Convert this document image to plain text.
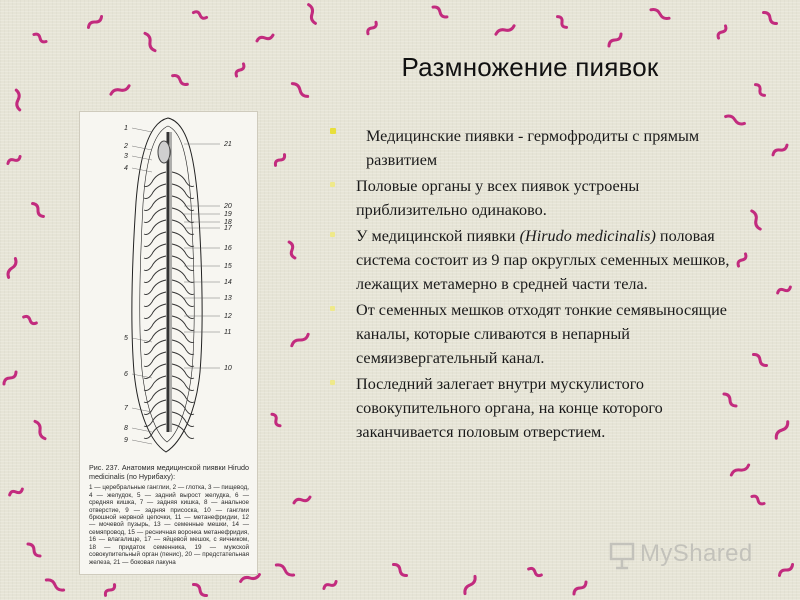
Размножение пиявок
1
2
3
4
5
6
7
8
9
21
20
19
18
17
16
15
14
13
12
11
10
Рис. 237. Анатомия медицинской пиявки Hirudo medicinalis (по Нурибаху):
1 — церебральные ганглии, 2 — глотка, 3 — пищевод, 4 — желудок, 5 — задний вырост желудка, 6 — средняя кишка, 7 — задняя кишка, 8 — анальное отверстие, 9 — задняя присоска, 10 — ганглии брюшной нервной цепочки, 11 — метанефридии, 12 — мочевой пузырь, 13 — семенные мешки, 14 — семяпровод, 15 — ресничная воронка метанефридия, 16 — влагалище, 17 — яйцевой мешок, с яичником, 18 — придаток семенника, 19 — мужской совокупительный орган (пенис), 20 — предстательная железа, 21 — боковая лакуна
Медицинские пиявки - гермофродиты с прямым развитием
Половые органы у всех пиявок устроены приблизительно одинаково.
У медицинской пиявки (Hirudo medicinalis) половая система состоит из 9 пар округлых семенных мешков, лежащих метамерно в средней части тела.
От семенных мешков отходят тонкие семявыносящие каналы, которые сливаются в непарный семяизвергательный канал.
Последний залегает внутри мускулистого совокупительного органа, на конце которого заканчивается половым отверстием.
MyShared
